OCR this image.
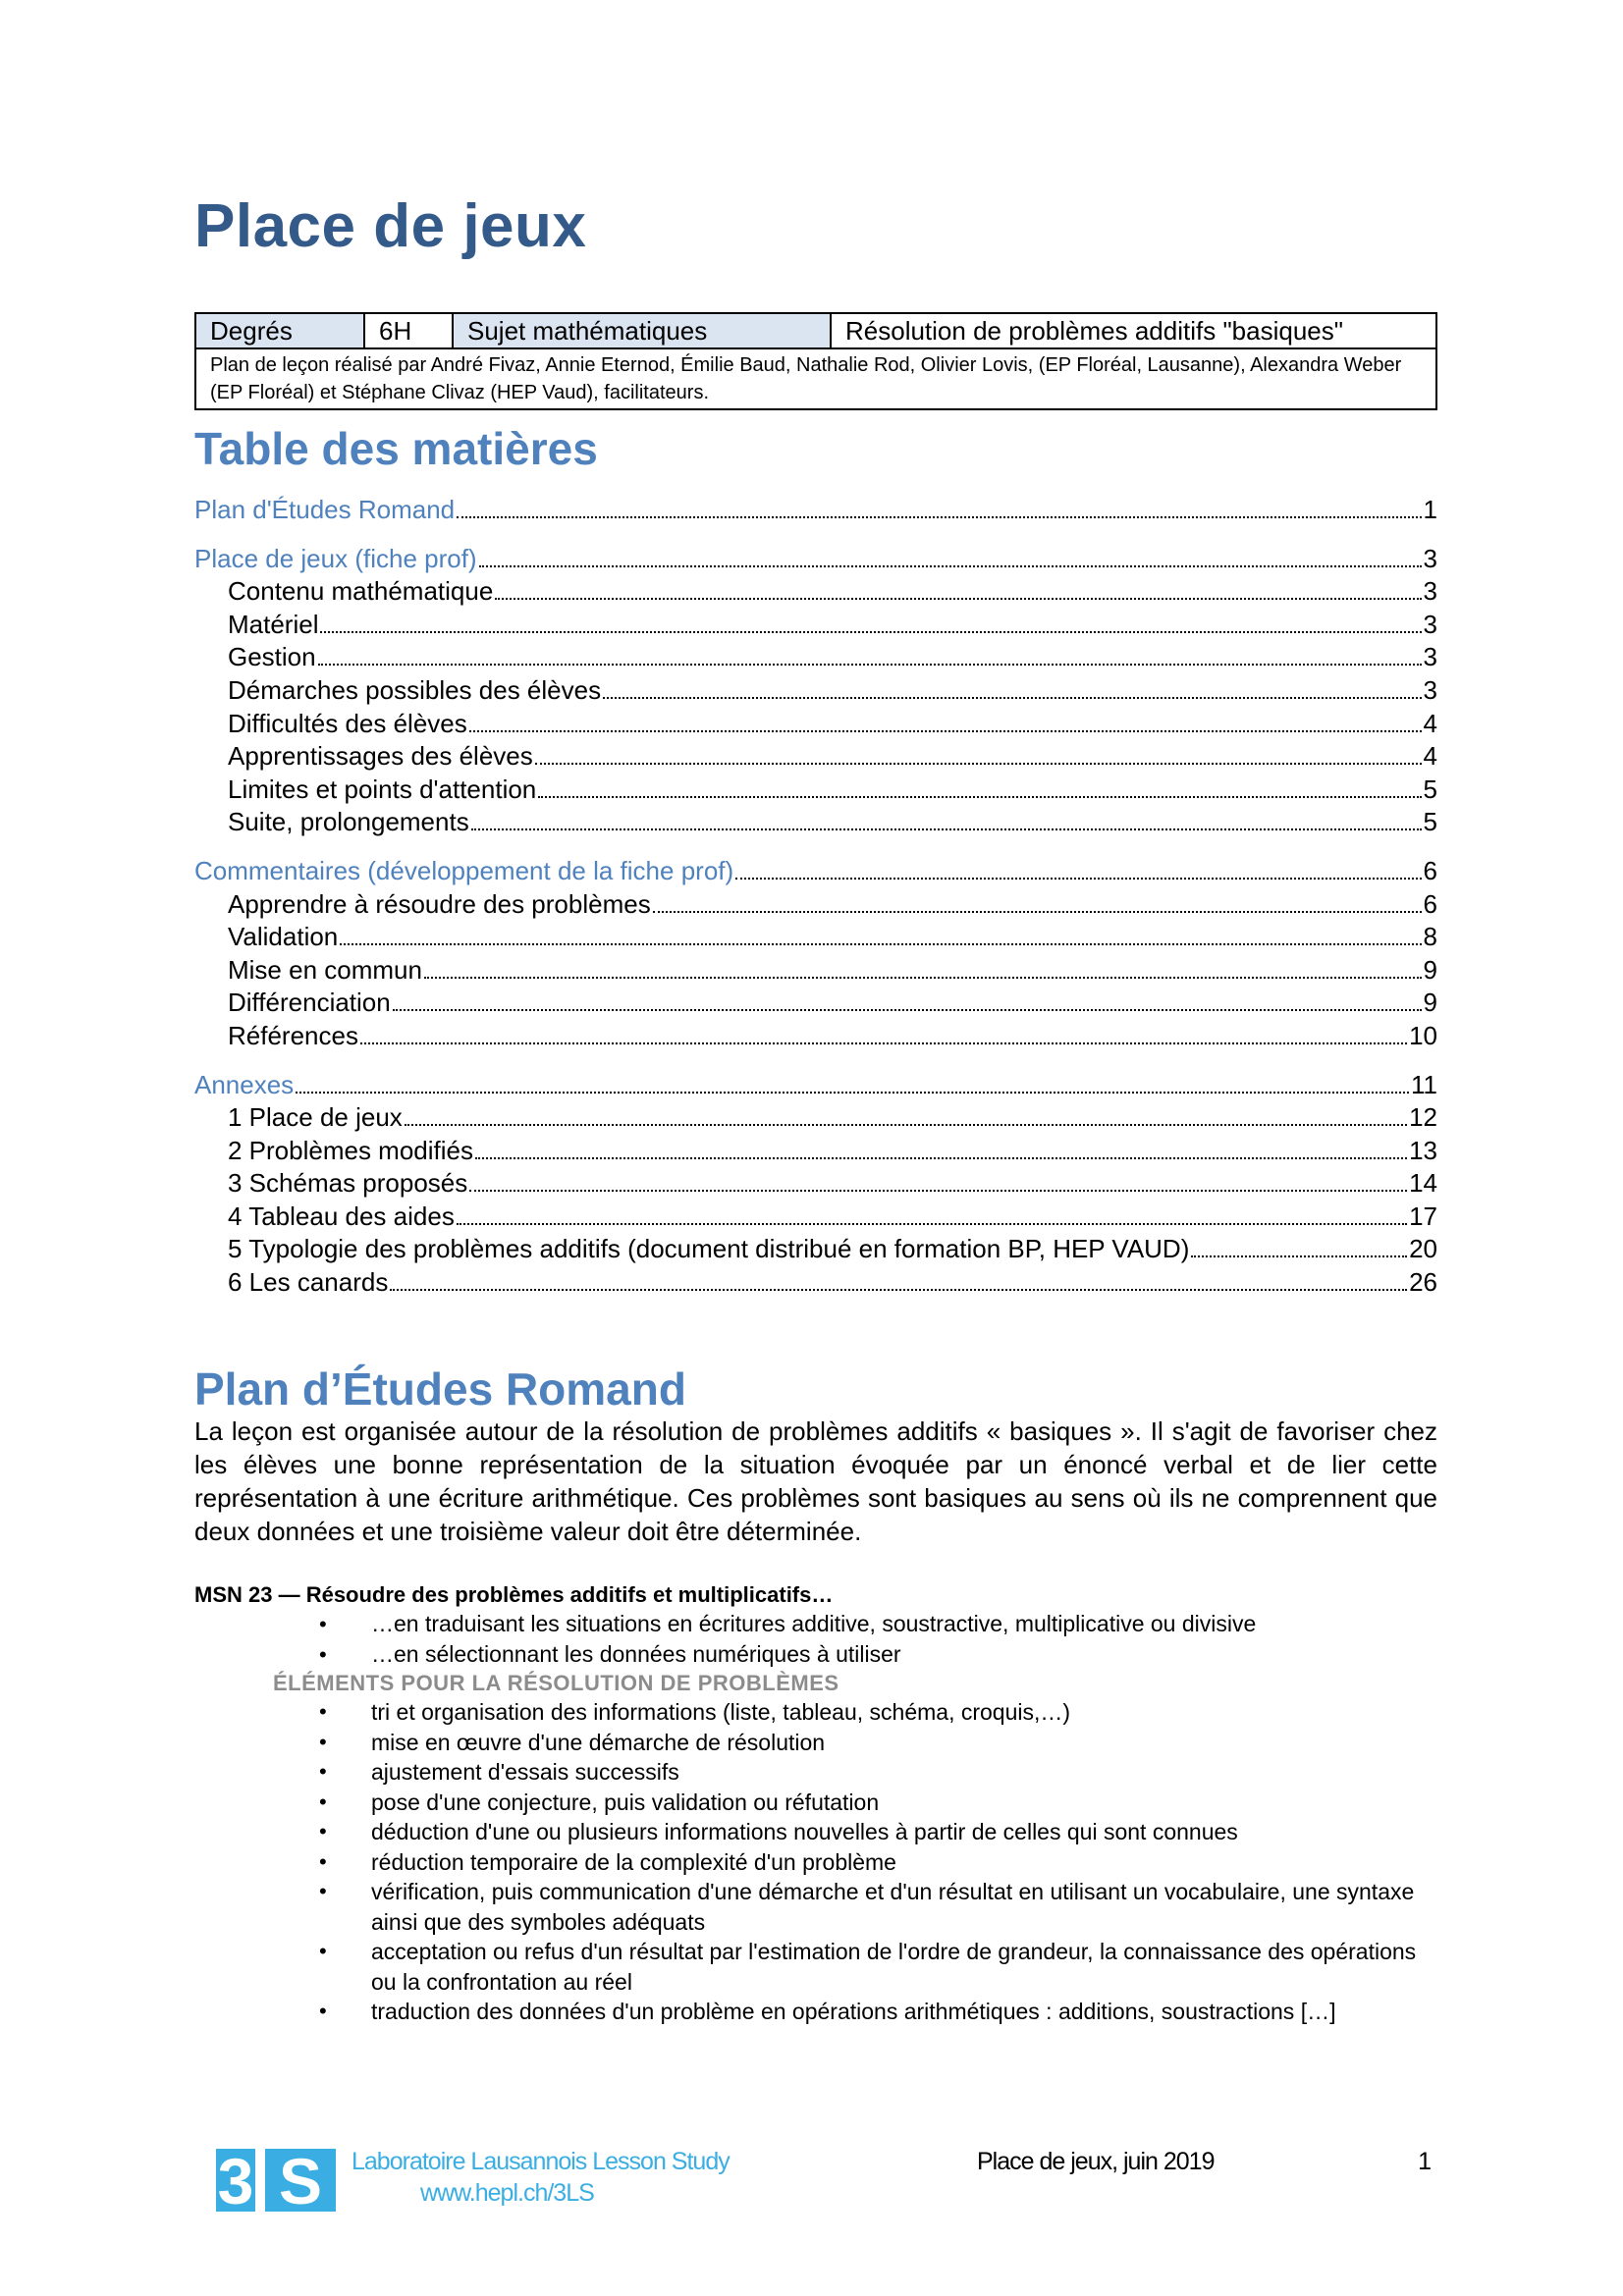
Place de jeux
Degrés	6H	Sujet mathématiques	Résolution de problèmes additifs "basiques"
Plan de leçon réalisé par André Fivaz, Annie Eternod, Émilie Baud, Nathalie Rod, Olivier Lovis, (EP Floréal, Lausanne), Alexandra Weber (EP Floréal) et Stéphane Clivaz (HEP Vaud), facilitateurs.
Table des matières
Plan d'Études Romand	1
Place de jeux (fiche prof)	3
Contenu mathématique	3
Matériel	3
Gestion	3
Démarches possibles des élèves	3
Difficultés des élèves	4
Apprentissages des élèves	4
Limites et points d'attention	5
Suite, prolongements	5
Commentaires (développement de la fiche prof)	6
Apprendre à résoudre des problèmes	6
Validation	8
Mise en commun	9
Différenciation	9
Références	10
Annexes	11
1 Place de jeux	12
2 Problèmes modifiés	13
3 Schémas proposés	14
4 Tableau des aides	17
5 Typologie des problèmes additifs (document distribué en formation BP, HEP VAUD)	20
6 Les canards	26
Plan d’Études Romand

La leçon est organisée autour de la résolution de problèmes additifs « basiques ». Il s'agit de favoriser chez les élèves une bonne représentation de la situation évoquée par un énoncé verbal et de lier cette représentation à une écriture arithmétique. Ces problèmes sont basiques au sens où ils ne comprennent que deux données et une troisième valeur doit être déterminée.

MSN 23 — Résoudre des problèmes additifs et multiplicatifs…
• …en traduisant les situations en écritures additive, soustractive, multiplicative ou divisive
• …en sélectionnant les données numériques à utiliser
ÉLÉMENTS POUR LA RÉSOLUTION DE PROBLÈMES
• tri et organisation des informations (liste, tableau, schéma, croquis,…)
• mise en œuvre d'une démarche de résolution
• ajustement d'essais successifs
• pose d'une conjecture, puis validation ou réfutation
• déduction d'une ou plusieurs informations nouvelles à partir de celles qui sont connues
• réduction temporaire de la complexité d'un problème
• vérification, puis communication d'une démarche et d'un résultat en utilisant un vocabulaire, une syntaxe ainsi que des symboles adéquats
• acceptation ou refus d'un résultat par l'estimation de l'ordre de grandeur, la connaissance des opérations ou la confrontation au réel
• traduction des données d'un problème en opérations arithmétiques : additions, soustractions […]
3 S Laboratoire Lausannois Lesson Study
www.hepl.ch/3LS
Place de jeux, juin 2019	1
